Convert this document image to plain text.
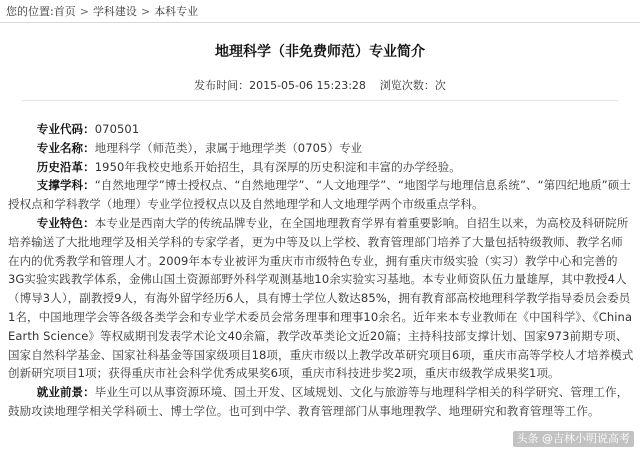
您的位置:首页 > 学科建设 > 本科专业
地理科学（非免费师范）专业简介
发布时间：2015-05-06 15:23:28 浏览次数：次

专业代码：070501

专业名称：地理科学（师范类），隶属于地理学类（0705）专业

历史沿革：1950年我校史地系开始招生，具有深厚的历史积淀和丰富的办学经验。

支撑学科：“自然地理学”博士授权点、“自然地理学”、“人文地理学”、“地图学与地理信息系统”、“第四纪地质”硕士授权点和学科教学（地理）专业学位授权点以及自然地理学和人文地理学两个市级重点学科。

专业特色：本专业是西南大学的传统品牌专业，在全国地理教育学界有着重要影响。自招生以来，为高校及科研院所培养输送了大批地理学及相关学科的专家学者，更为中等及以上学校、教育管理部门培养了大量包括特级教师、教学名师在内的优秀教学和管理人才。2009年本专业被评为重庆市市级特色专业，拥有重庆市级实验（实习）教学中心和完善的3G实验实践教学体系，金佛山国土资源部野外科学观测基地10余实验实习基地。本专业师资队伍力量雄厚，其中教授4人（博导3人），副教授9人，有海外留学经历6人，具有博士学位人数达85%，拥有教育部高校地理科学教学指导委员会委员1名，中国地理学会等各级各类学会和专业学术委员会常务理事和理事10余名。近年来本专业教师在《中国科学》、《China Earth Science》等权威期刊发表学术论文40余篇，教学改革类论文近20篇；主持科技部支撑计划、国家973前期专项、国家自然科学基金、国家社科基金等国家级项目18项，重庆市级以上教学改革研究项目6项，重庆市高等学校人才培养模式创新研究项目1项；获得重庆市社会科学优秀成果奖6项，重庆市科技进步奖2项，重庆市级教学成果奖1项。

就业前景：毕业生可以从事资源环境、国土开发、区域规划、文化与旅游等与地理科学相关的科学研究、管理工作，鼓励攻读地理学相关学科硕士、博士学位。也可到中学、教育管理部门从事地理教学、地理研究和教育管理等工作。

头条 @吉林小明说高考
